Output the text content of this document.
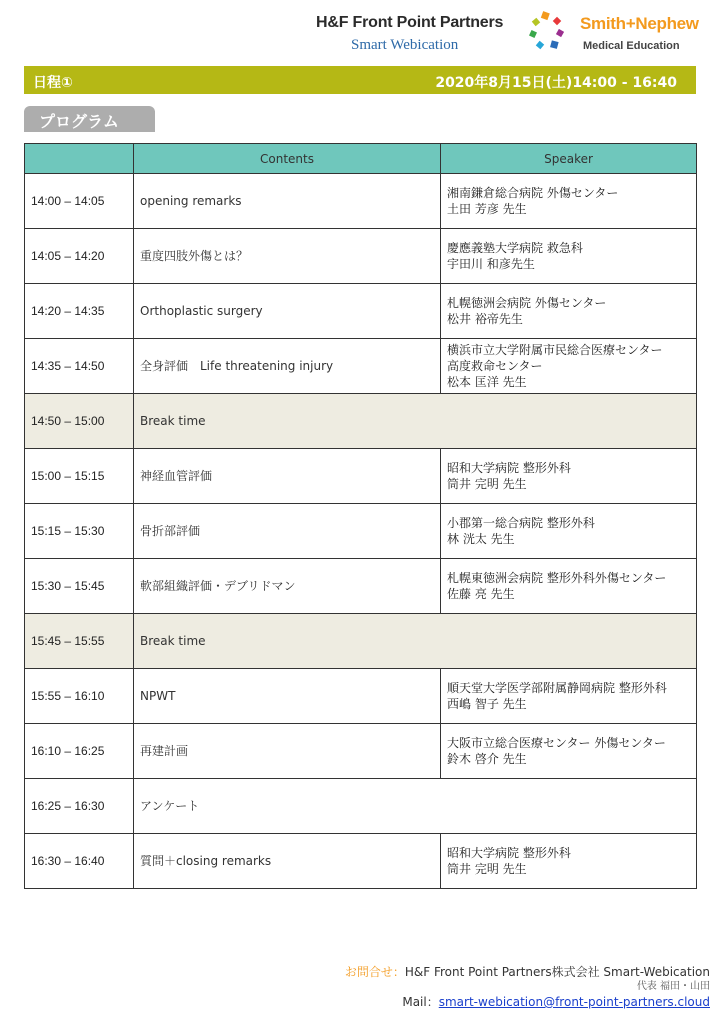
H&F Front Point Partners
Smart Webication
Smith+Nephew
Medical Education
日程①	2020年8月15日(土)14:00 - 16:40
プログラム
	Contents	Speaker
14:00 – 14:05	opening remarks	湘南鎌倉総合病院 外傷センター
土田 芳彦 先生

14:05 – 14:20	重度四肢外傷とは？	慶應義塾大学病院 救急科
宇田川 和彦先生

14:20 – 14:35	Orthoplastic surgery	札幌徳洲会病院 外傷センター
松井 裕帝先生

14:35 – 14:50	全身評価　Life threatening injury	横浜市立大学附属市民総合医療センター
高度救命センター
松本 匡洋 先生

14:50 – 15:00	Break time	
15:00 – 15:15	神経血管評価	昭和大学病院 整形外科
筒井 完明 先生

15:15 – 15:30	骨折部評価	小郡第一総合病院 整形外科
林 洸太 先生

15:30 – 15:45	軟部組織評価・デブリドマン	札幌東徳洲会病院 整形外科外傷センター
佐藤 亮 先生

15:45 – 15:55	Break time	
15:55 – 16:10	NPWT	順天堂大学医学部附属静岡病院 整形外科
西嶋 智子 先生

16:10 – 16:25	再建計画	大阪市立総合医療センター 外傷センター
鈴木 啓介 先生

16:25 – 16:30	アンケート	
16:30 – 16:40	質問＋closing remarks	昭和大学病院 整形外科
筒井 完明 先生
お問合せ：H&F Front Point Partners株式会社 Smart-Webication
代表 福田・山田
Mail：smart-webication@front-point-partners.cloud
